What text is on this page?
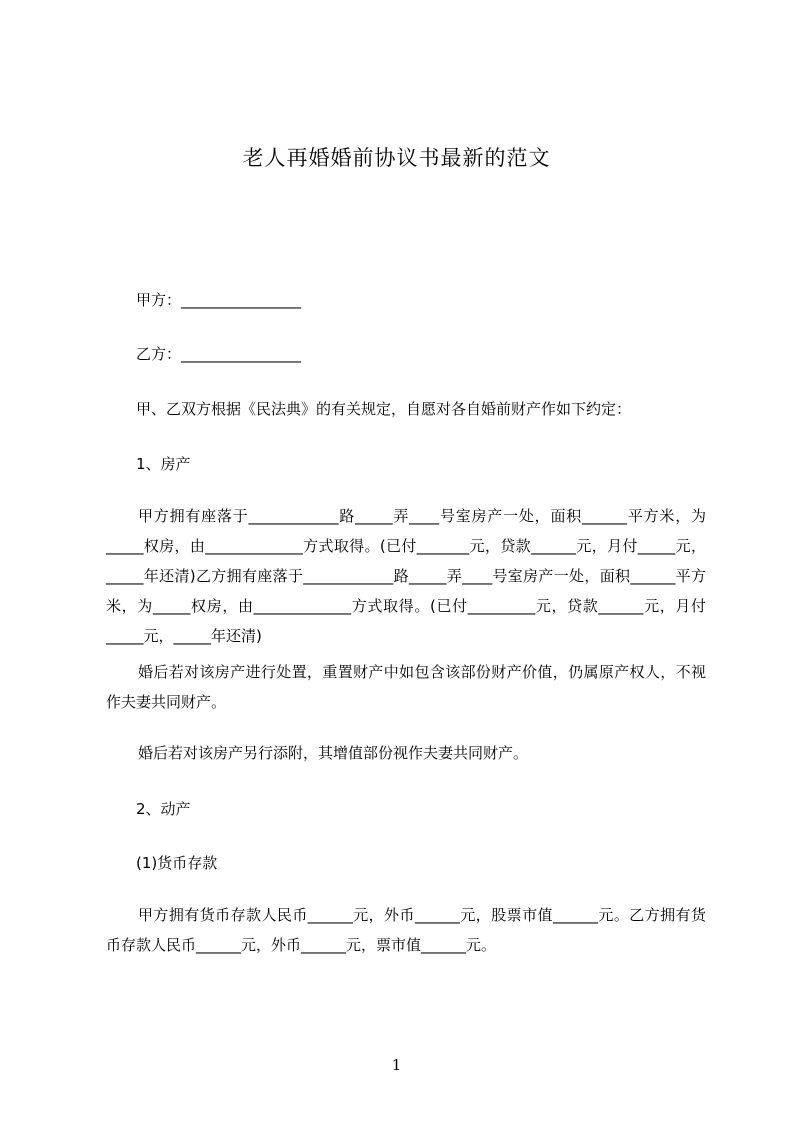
老人再婚婚前协议书最新的范文
甲方：________________
乙方：________________
甲、乙双方根据《民法典》的有关规定，自愿对各自婚前财产作如下约定：
1、房产
甲方拥有座落于____________路_____弄____号室房产一处，面积______平方米，为_____权房，由_____________方式取得。(已付_______元，贷款______元，月付_____元，_____年还清)乙方拥有座落于____________路_____弄____号室房产一处，面积______平方米，为_____权房，由_____________方式取得。(已付_________元，贷款______元，月付_____元，_____年还清)
婚后若对该房产进行处置，重置财产中如包含该部份财产价值，仍属原产权人，不视作夫妻共同财产。
婚后若对该房产另行添附，其增值部份视作夫妻共同财产。
2、动产
(1)货币存款
甲方拥有货币存款人民币______元，外币______元，股票市值______元。乙方拥有货币存款人民币______元，外币______元，票市值______元。
1
